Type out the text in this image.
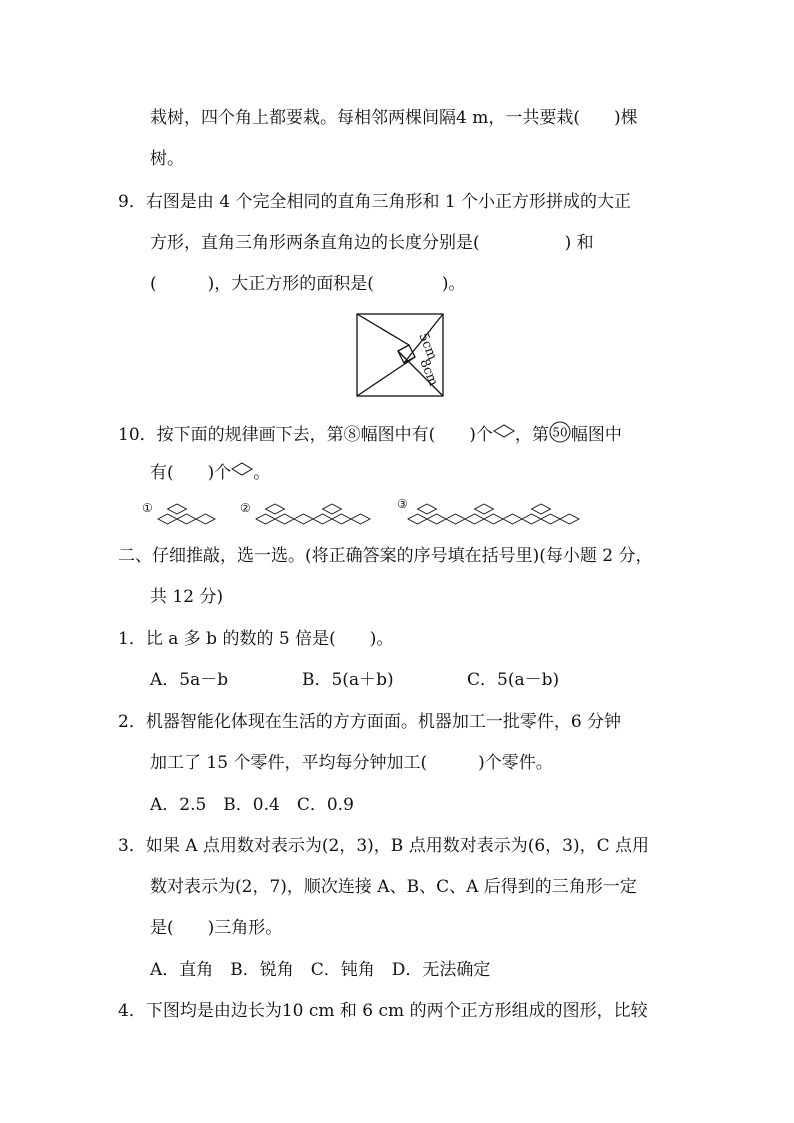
栽树，四个角上都要栽。每相邻两棵间隔4 m，一共要栽(　　)棵
树。
9．右图是由 4 个完全相同的直角三角形和 1 个小正方形拼成的大正
方形，直角三角形两条直角边的长度分别是(　　　　　) 和
(　　　)，大正方形的面积是(　　　　)。
5cm
8cm
10．按下面的规律画下去，第⑧幅图中有(　　)个 ，第 50 幅图中
有(　　)个 。
①	②	③
二、仔细推敲，选一选。(将正确答案的序号填在括号里)(每小题 2 分，
共 12 分)
1．比 a 多 b 的数的 5 倍是(　　)。
A．5a－b	B．5(a＋b)	C．5(a－b)
2．机器智能化体现在生活的方方面面。机器加工一批零件，6 分钟
加工了 15 个零件，平均每分钟加工(　　　)个零件。
A．2.5　B．0.4　C．0.9
3．如果 A 点用数对表示为(2，3)，B 点用数对表示为(6，3)，C 点用
数对表示为(2，7)，顺次连接 A、B、C、A 后得到的三角形一定
是(　　)三角形。
A．直角　B．锐角　C．钝角　D．无法确定
4．下图均是由边长为10 cm 和 6 cm 的两个正方形组成的图形，比较
